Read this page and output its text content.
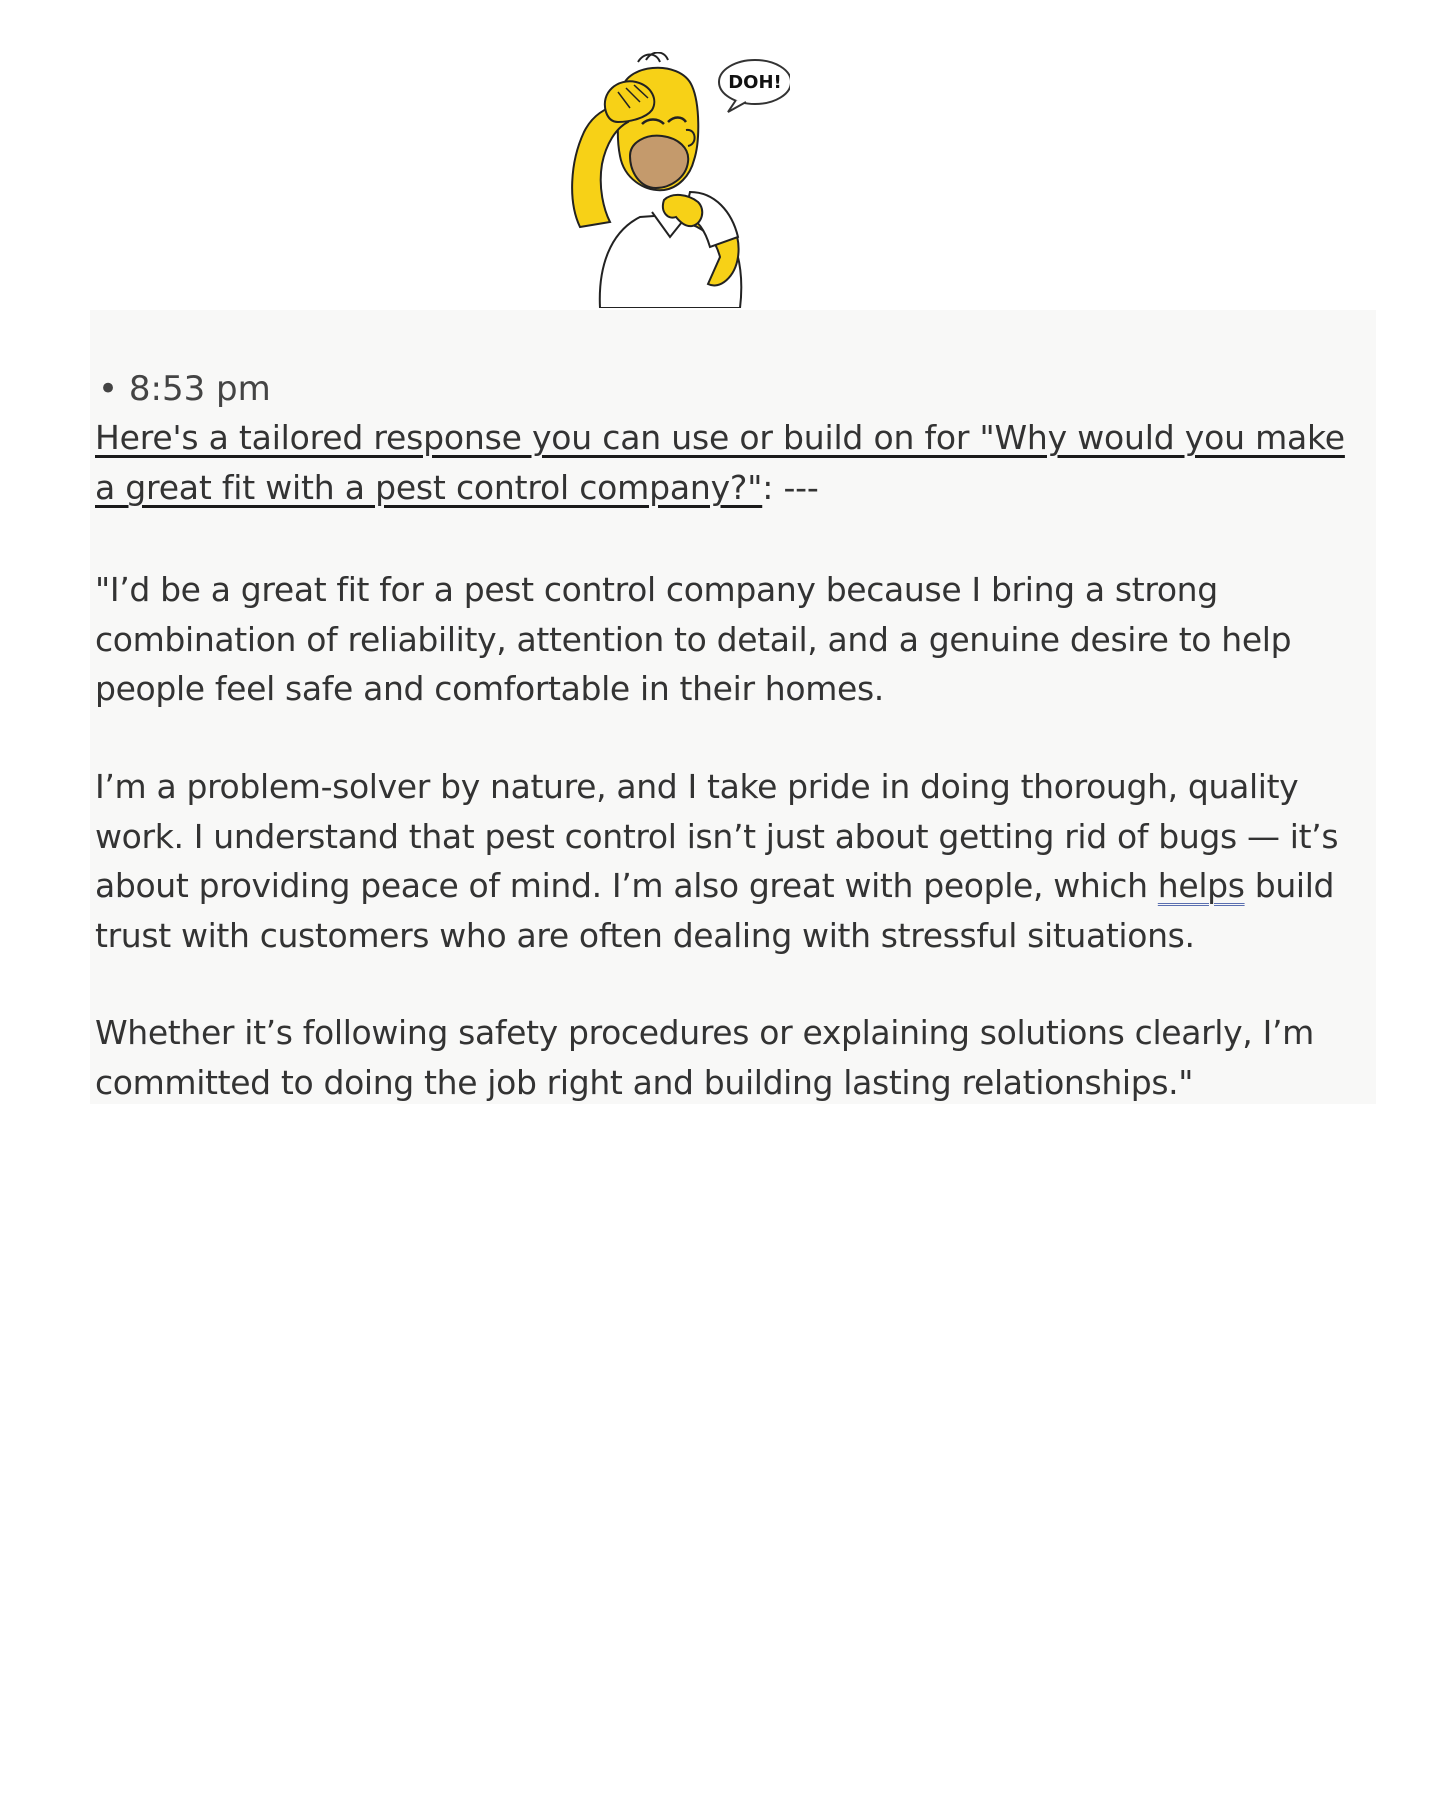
DOH!
• 8:53 pm
Here's a tailored response you can use or build on for "Why would you make a great fit with a pest control company?": ---

"I’d be a great fit for a pest control company because I bring a strong combination of reliability, attention to detail, and a genuine desire to help people feel safe and comfortable in their homes.

I’m a problem-solver by nature, and I take pride in doing thorough, quality work. I understand that pest control isn’t just about getting rid of bugs — it’s about providing peace of mind. I’m also great with people, which helps build trust with customers who are often dealing with stressful situations.

Whether it’s following safety procedures or explaining solutions clearly, I’m committed to doing the job right and building lasting relationships."
